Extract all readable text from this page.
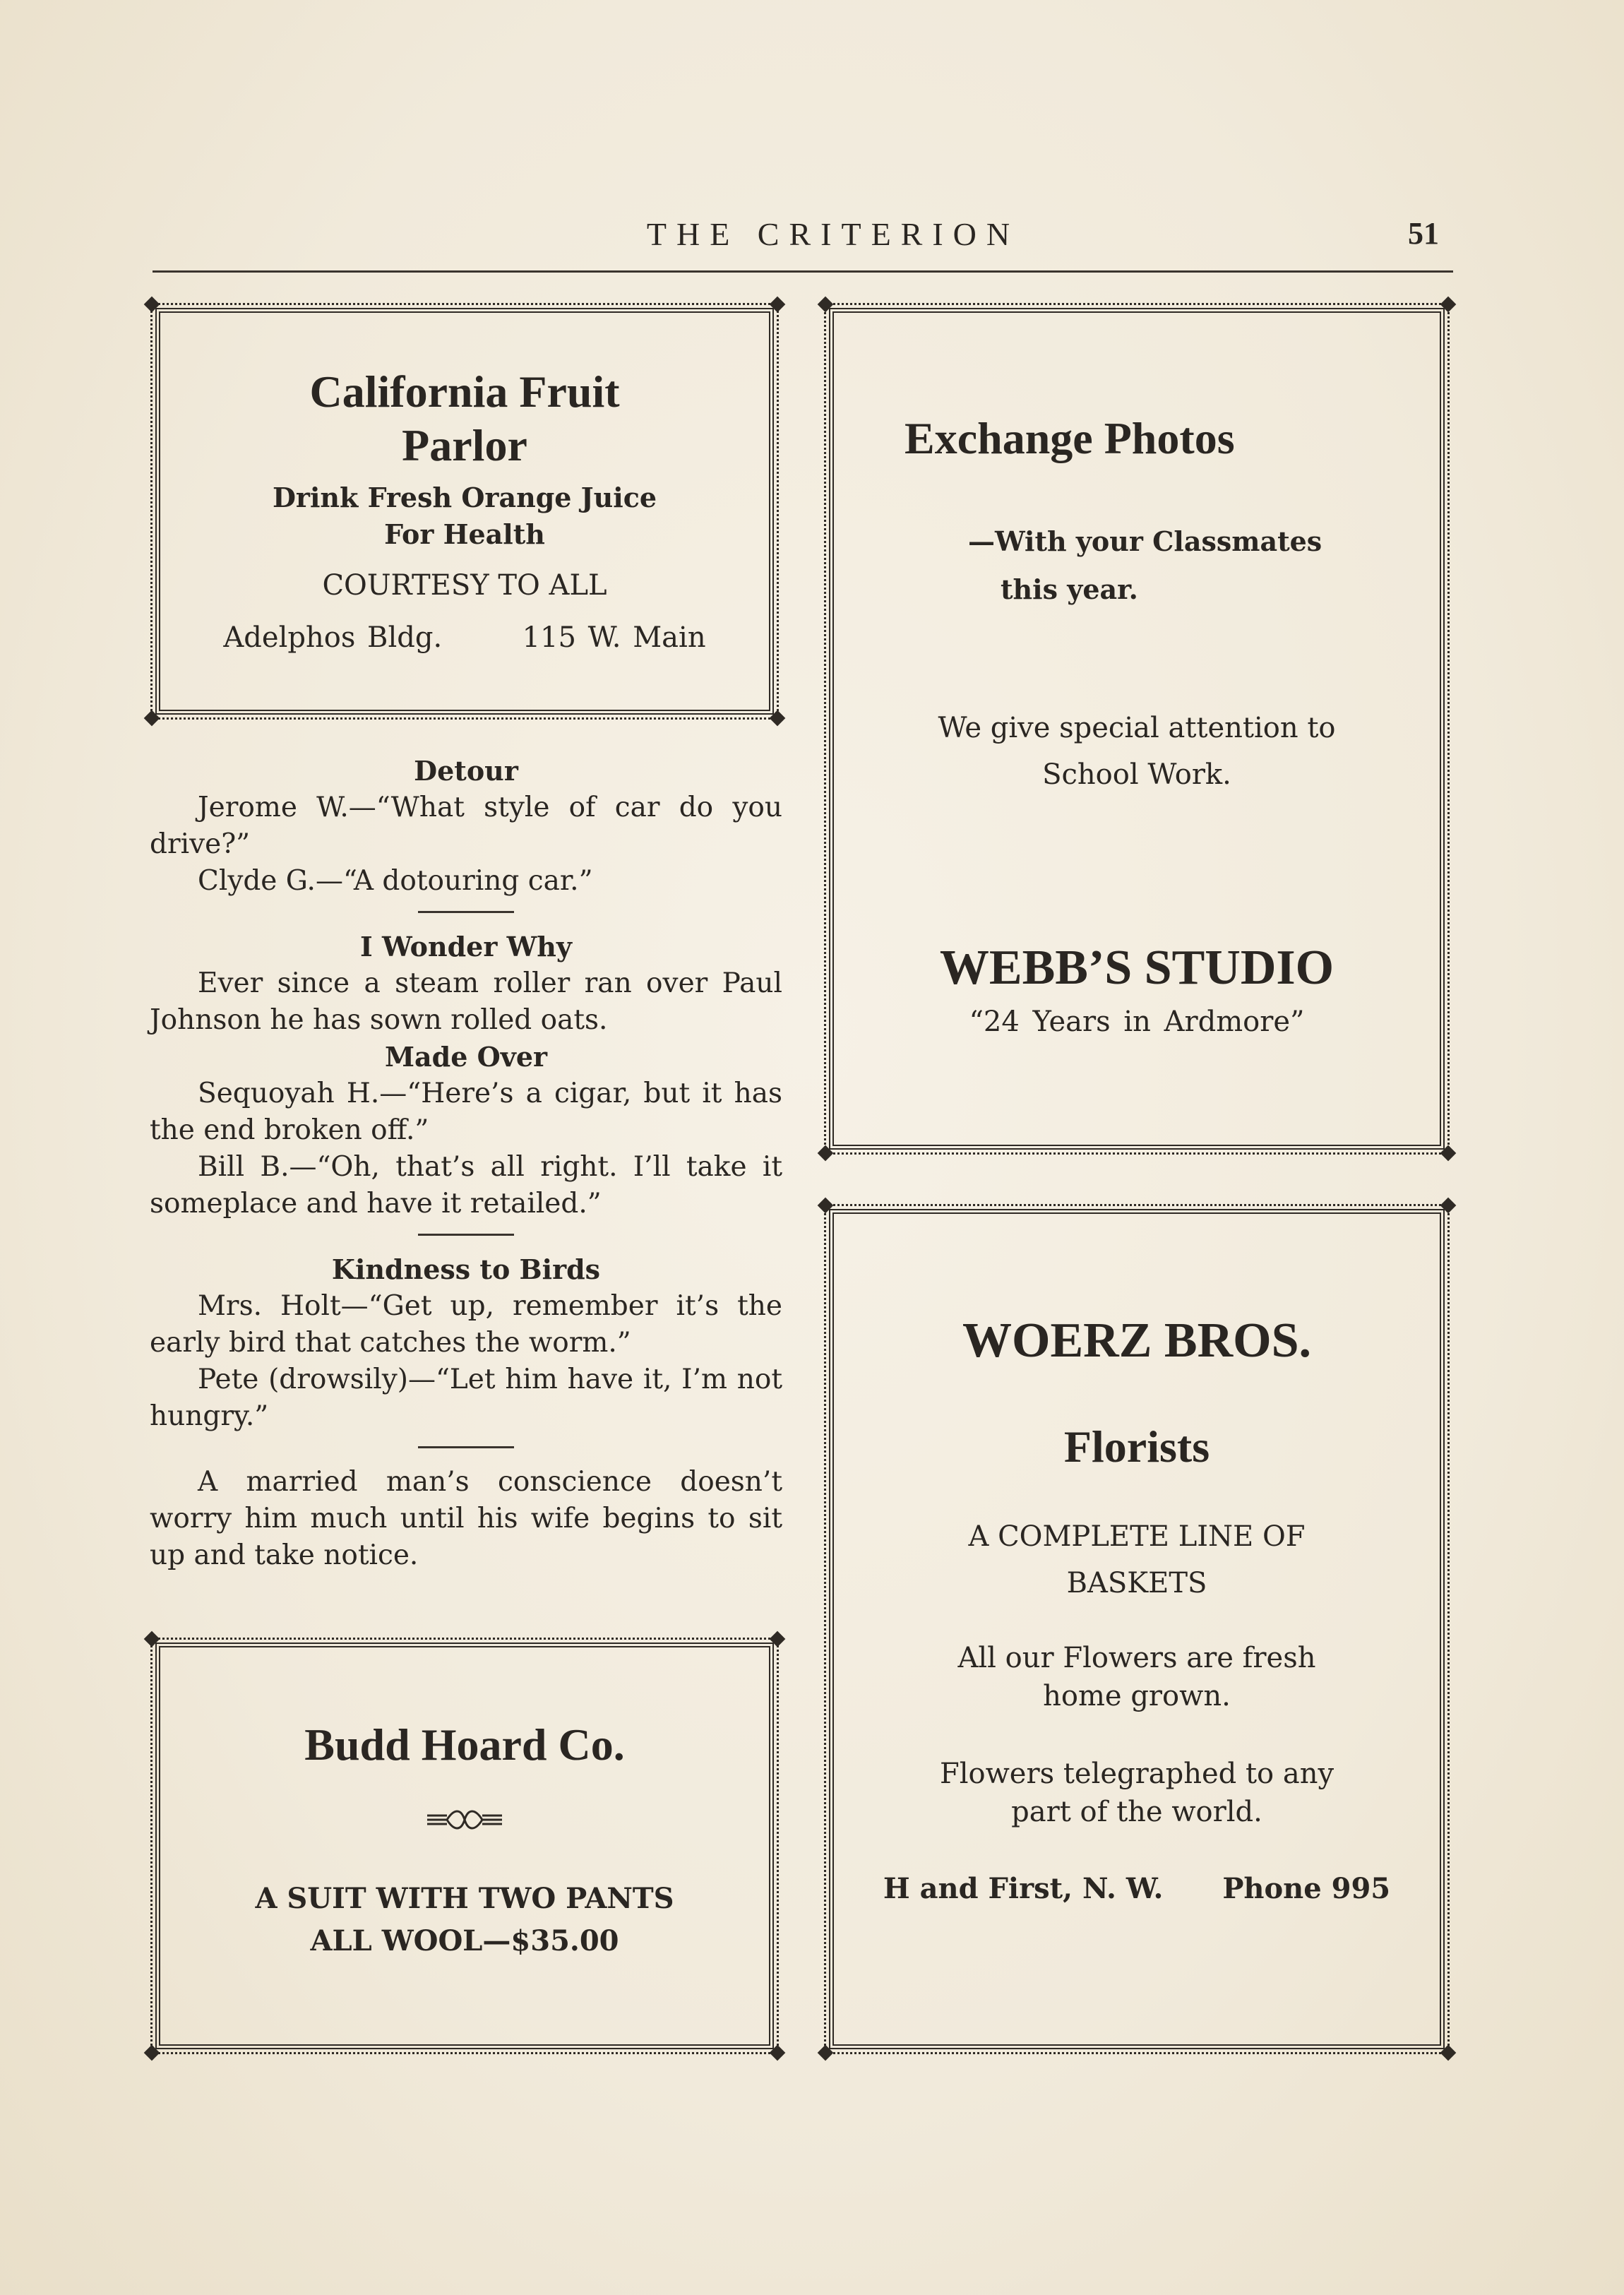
THE CRITERION	51
California Fruit
Parlor
Drink Fresh Orange Juice
For Health
COURTESY TO ALL
Adelphos Bldg.	115 W. Main
Detour

Jerome W.—“What style of car do you drive?”

Clyde G.—“A dotouring car.”

I Wonder Why

Ever since a steam roller ran over Paul Johnson he has sown rolled oats.

Made Over

Sequoyah H.—“Here’s a cigar, but it has the end broken off.”

Bill B.—“Oh, that’s all right. I’ll take it someplace and have it retailed.”

Kindness to Birds

Mrs. Holt—“Get up, remember it’s the early bird that catches the worm.”

Pete (drowsily)—“Let him have it, I’m not hungry.”

A married man’s conscience doesn’t worry him much until his wife begins to sit up and take notice.

Budd Hoard Co.
A SUIT WITH TWO PANTS
ALL WOOL—$35.00
Exchange Photos
—With your Classmates
this year.
We give special attention to
School Work.
WEBB’S STUDIO
“24 Years in Ardmore”
WOERZ BROS.
Florists
A COMPLETE LINE OF
BASKETS
All our Flowers are fresh
home grown.
Flowers telegraphed to any
part of the world.
H and First, N. W. Phone 995
